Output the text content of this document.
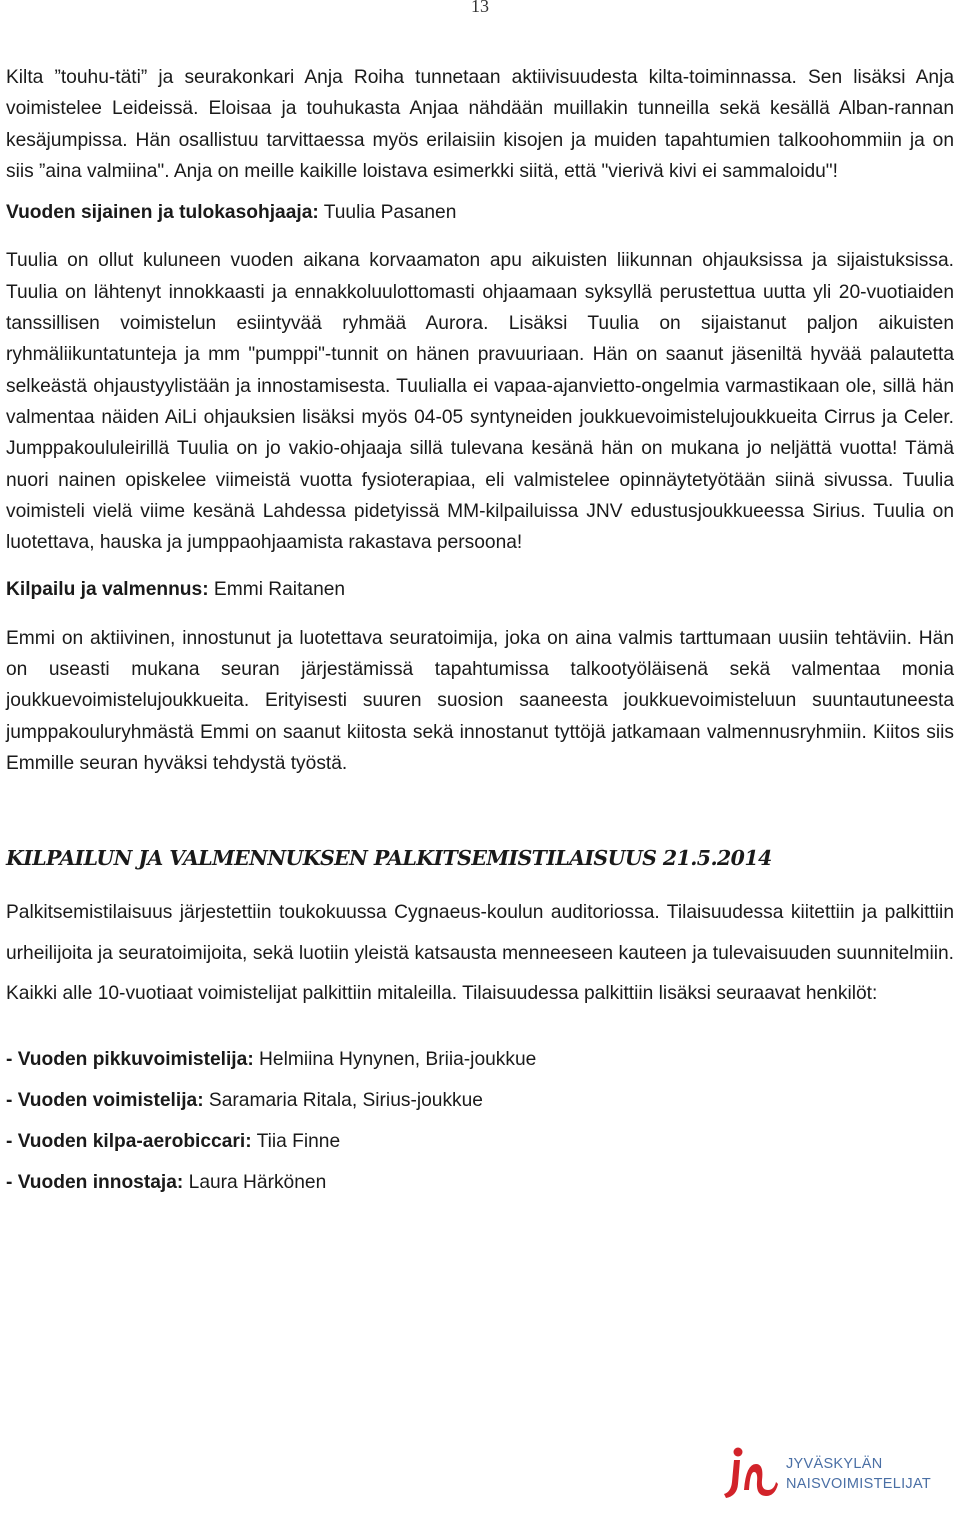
13

Kilta ”touhu-täti” ja seurakonkari Anja Roiha tunnetaan aktiivisuudesta kilta-toiminnassa. Sen lisäksi Anja voimistelee Leideissä. Eloisaa ja touhukasta Anjaa nähdään muillakin tunneilla sekä kesällä Alban-rannan kesäjumpissa. Hän osallistuu tarvittaessa myös erilaisiin kisojen ja muiden tapahtumien talkoohommiin ja on siis ”aina valmiina". Anja on meille kaikille loistava esimerkki siitä, että "vierivä kivi ei sammaloidu"!

Vuoden sijainen ja tulokasohjaaja: Tuulia Pasanen

Tuulia on ollut kuluneen vuoden aikana korvaamaton apu aikuisten liikunnan ohjauksissa ja sijaistuksissa. Tuulia on lähtenyt innokkaasti ja ennakkoluulottomasti ohjaamaan syksyllä perustettua uutta yli 20-vuotiaiden tanssillisen voimistelun esiintyvää ryhmää Aurora. Lisäksi Tuulia on sijaistanut paljon aikuisten ryhmäliikuntatunteja ja mm "pumppi"-tunnit on hänen pravuuriaan. Hän on saanut jäseniltä hyvää palautetta selkeästä ohjaustyylistään ja innostamisesta. Tuulialla ei vapaa-ajanvietto-ongelmia varmastikaan ole, sillä hän valmentaa näiden AiLi ohjauksien lisäksi myös 04-05 syntyneiden joukkuevoimistelujoukkueita Cirrus ja Celer. Jumppakoululeirillä Tuulia on jo vakio-ohjaaja sillä tulevana kesänä hän on mukana jo neljättä vuotta! Tämä nuori nainen opiskelee viimeistä vuotta fysioterapiaa, eli valmistelee opinnäytetyötään siinä sivussa. Tuulia voimisteli vielä viime kesänä Lahdessa pidetyissä MM-kilpailuissa JNV edustusjoukkueessa Sirius. Tuulia on luotettava, hauska ja jumppaohjaamista rakastava persoona!

Kilpailu ja valmennus: Emmi Raitanen

Emmi on aktiivinen, innostunut ja luotettava seuratoimija, joka on aina valmis tarttumaan uusiin tehtäviin. Hän on useasti mukana seuran järjestämissä tapahtumissa talkootyöläisenä sekä valmentaa monia joukkuevoimistelujoukkueita. Erityisesti suuren suosion saaneesta joukkuevoimisteluun suuntautuneesta jumppakouluryhmästä Emmi on saanut kiitosta sekä innostanut tyttöjä jatkamaan valmennusryhmiin. Kiitos siis Emmille seuran hyväksi tehdystä työstä.

KILPAILUN JA VALMENNUKSEN PALKITSEMISTILAISUUS 21.5.2014

Palkitsemistilaisuus järjestettiin toukokuussa Cygnaeus-koulun auditoriossa. Tilaisuudessa kiitettiin ja palkittiin urheilijoita ja seuratoimijoita, sekä luotiin yleistä katsausta menneeseen kauteen ja tulevaisuuden suunnitelmiin. Kaikki alle 10-vuotiaat voimistelijat palkittiin mitaleilla. Tilaisuudessa palkittiin lisäksi seuraavat henkilöt:

- Vuoden pikkuvoimistelija: Helmiina Hynynen, Briia-joukkue
- Vuoden voimistelija: Saramaria Ritala, Sirius-joukkue
- Vuoden kilpa-aerobiccari: Tiia Finne
- Vuoden innostaja: Laura Härkönen
JYVÄSKYLÄN
NAISVOIMISTELIJAT
